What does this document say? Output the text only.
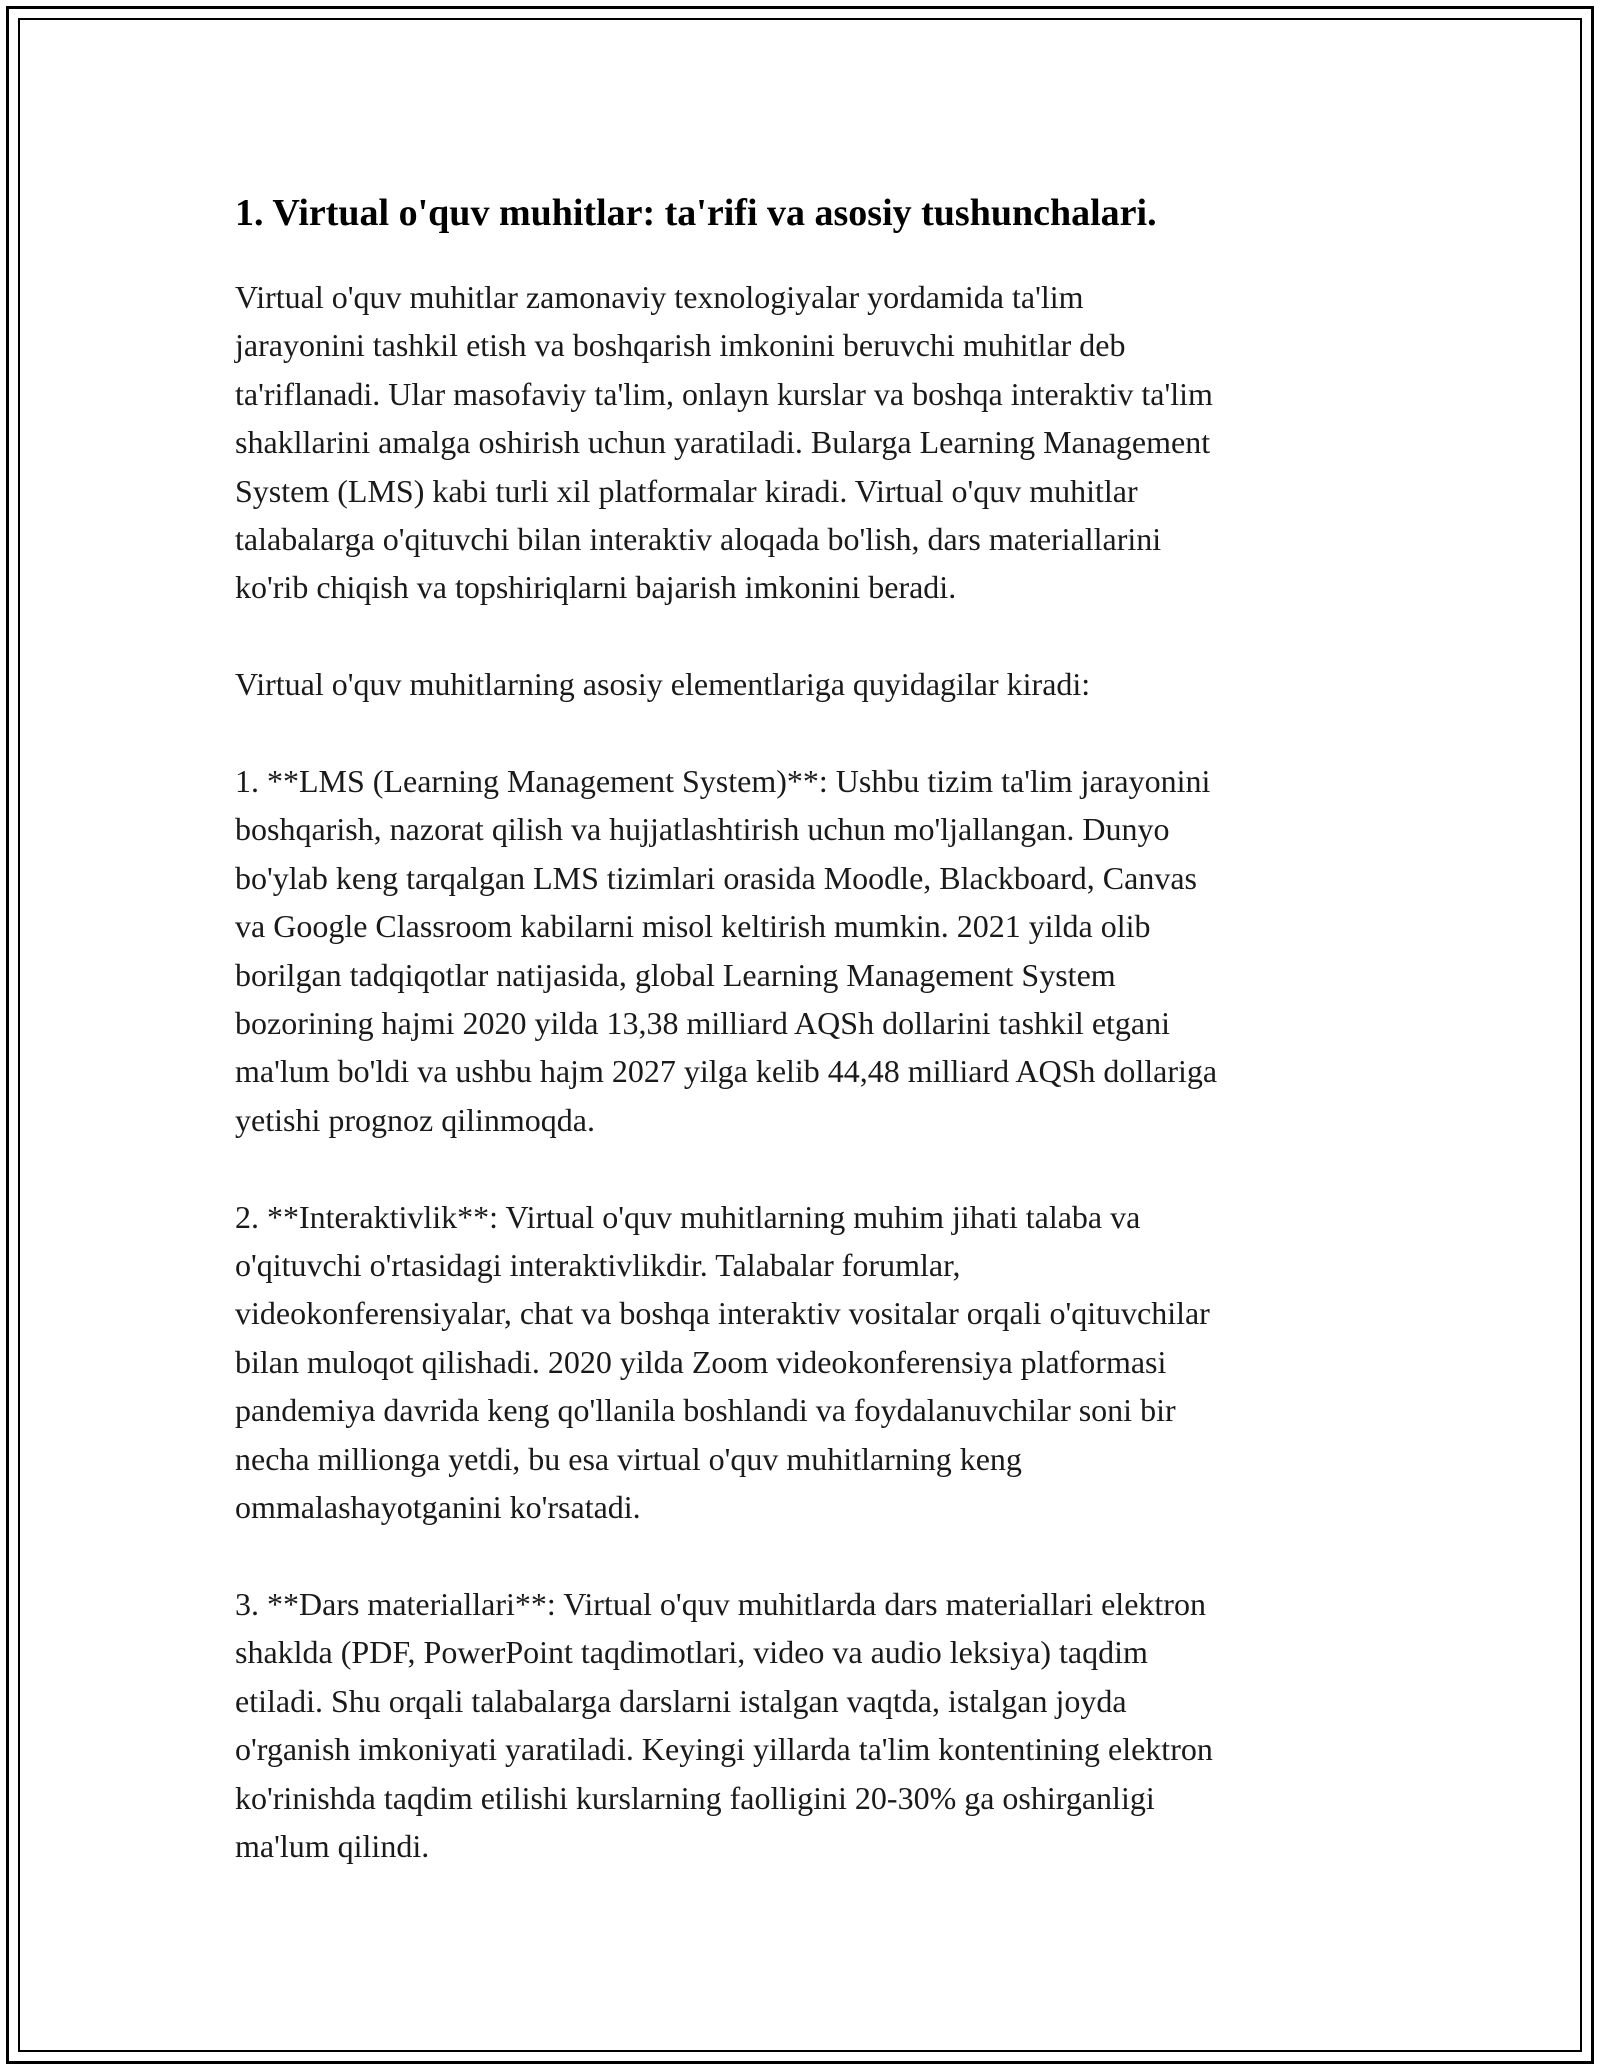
1. Virtual o'quv muhitlar: ta'rifi va asosiy tushunchalari.

Virtual o'quv muhitlar zamonaviy texnologiyalar yordamida ta'lim
jarayonini tashkil etish va boshqarish imkonini beruvchi muhitlar deb
ta'riflanadi. Ular masofaviy ta'lim, onlayn kurslar va boshqa interaktiv ta'lim
shakllarini amalga oshirish uchun yaratiladi. Bularga Learning Management
System (LMS) kabi turli xil platformalar kiradi. Virtual o'quv muhitlar
talabalarga o'qituvchi bilan interaktiv aloqada bo'lish, dars materiallarini
ko'rib chiqish va topshiriqlarni bajarish imkonini beradi.

Virtual o'quv muhitlarning asosiy elementlariga quyidagilar kiradi:

1. **LMS (Learning Management System)**: Ushbu tizim ta'lim jarayonini
boshqarish, nazorat qilish va hujjatlashtirish uchun mo'ljallangan. Dunyo
bo'ylab keng tarqalgan LMS tizimlari orasida Moodle, Blackboard, Canvas
va Google Classroom kabilarni misol keltirish mumkin. 2021 yilda olib
borilgan tadqiqotlar natijasida, global Learning Management System
bozorining hajmi 2020 yilda 13,38 milliard AQSh dollarini tashkil etgani
ma'lum bo'ldi va ushbu hajm 2027 yilga kelib 44,48 milliard AQSh dollariga
yetishi prognoz qilinmoqda.

2. **Interaktivlik**: Virtual o'quv muhitlarning muhim jihati talaba va
o'qituvchi o'rtasidagi interaktivlikdir. Talabalar forumlar,
videokonferensiyalar, chat va boshqa interaktiv vositalar orqali o'qituvchilar
bilan muloqot qilishadi. 2020 yilda Zoom videokonferensiya platformasi
pandemiya davrida keng qo'llanila boshlandi va foydalanuvchilar soni bir
necha millionga yetdi, bu esa virtual o'quv muhitlarning keng
ommalashayotganini ko'rsatadi.

3. **Dars materiallari**: Virtual o'quv muhitlarda dars materiallari elektron
shaklda (PDF, PowerPoint taqdimotlari, video va audio leksiya) taqdim
etiladi. Shu orqali talabalarga darslarni istalgan vaqtda, istalgan joyda
o'rganish imkoniyati yaratiladi. Keyingi yillarda ta'lim kontentining elektron
ko'rinishda taqdim etilishi kurslarning faolligini 20-30% ga oshirganligi
ma'lum qilindi.
